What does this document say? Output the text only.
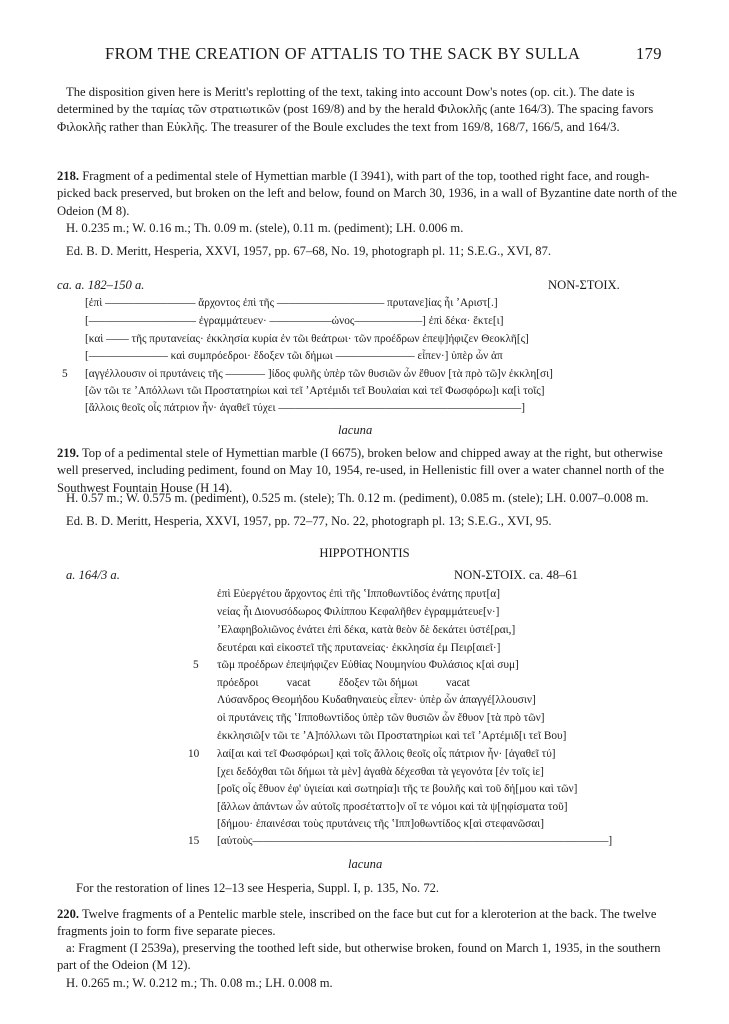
FROM THE CREATION OF ATTALIS TO THE SACK BY SULLA	179
The disposition given here is Meritt's replotting of the text, taking into account Dow's notes (op. cit.). The date is determined by the ταμίας τῶν στρατιωτικῶν (post 169/8) and by the herald Φιλοκλῆς (ante 164/3). The spacing favors Φιλοκλῆς rather than Εὐκλῆς. The treasurer of the Boule excludes the text from 169/8, 168/7, 166/5, and 164/3.
218. Fragment of a pedimental stele of Hymettian marble (I 3941), with part of the top, toothed right face, and rough-picked back preserved, but broken on the left and below, found on March 30, 1936, in a wall of Byzantine date north of the Odeion (M 8).
H. 0.235 m.; W. 0.16 m.; Th. 0.09 m. (stele), 0.11 m. (pediment); LH. 0.006 m.
Ed. B. D. Meritt, Hesperia, XXVI, 1957, pp. 67–68, No. 19, photograph pl. 11; S.E.G., XVI, 87.
ca. a. 182–150 a.	NON-ΣΤΟΙΧ.
[ἐπὶ –––––––––––––––– ἄρχοντος ἐπὶ τῆς ––––––––––––––––––– πρυτανε]ίας ἧι ʼΑριστ[.]
[––––––––––––––––––– ἐγραμμάτευεν· –––––––––––ώνος––––––––––––] ἐπὶ δέκα· ἕκτε[ι]
[καὶ –––– τῆς πρυτανείας· ἐκκλησία κυρία ἐν τῶι θεάτρωι· τῶν προέδρων ἐπεψ]ήφιζεν Θεοκλῆ[ς]
[–––––––––––––– καὶ συμπρόεδροι· ἔδοξεν τῶι δήμωι –––––––––––––– εἶπεν·] ὑπὲρ ὧν ἀπ
5 [αγγέλλουσιν οἱ πρυτάνεις τῆς ––––––– ]ίδος φυλῆς ὑπὲρ τῶν θυσιῶν ὧν ἔθυον [τὰ πρὸ τῶ]ν ἐκκλη[σι]
[ῶν τῶι τε ʼΑπόλλωνι τῶι Προστατηρίωι καὶ τεῖ ʼΑρτέμιδι τεῖ Βουλαίαι καὶ τεῖ Φωσφόρω]ι κα[ὶ τοῖς]
[ἄλλοις θεοῖς οἷς πάτριον ἦν· ἀγαθεῖ τύχει –––––––––––––––––––––––––––––––––––––––––––]
lacuna
219. Top of a pedimental stele of Hymettian marble (I 6675), broken below and chipped away at the right, but otherwise well preserved, including pediment, found on May 10, 1954, re-used, in Hellenistic fill over a water channel north of the Southwest Fountain House (H 14).
H. 0.57 m.; W. 0.575 m. (pediment), 0.525 m. (stele); Th. 0.12 m. (pediment), 0.085 m. (stele); LH. 0.007–0.008 m.
Ed. B. D. Meritt, Hesperia, XXVI, 1957, pp. 72–77, No. 22, photograph pl. 13; S.E.G., XVI, 95.
HIPPOTHONTIS
a. 164/3 a.	NON-ΣΤΟΙΧ. ca. 48–61
ἐπὶ Εὐεργέτου ἄρχοντος ἐπὶ τῆς ʽΙπποθωντίδος ἐνάτης πρυτ[α]
νείας ἧι Διονυσόδωρος Φιλίππου Κεφαλῆθεν ἐγραμμάτευε[ν·]
ʼΕλαφηβολιῶνος ἐνάτει ἐπὶ δέκα, κατὰ θεὸν δὲ δεκάτει ὑστέ[ραι,]
δευτέραι καὶ εἰκοστεῖ τῆς πρυτανείας· ἐκκλησία ἐμ Πειρ[αιεῖ·]
5 τῶμ προέδρων ἐπεψήφιζεν Εὐθίας Νουμηνίου Φυλάσιος κ[αὶ συμ]
πρόεδροι          vacat          ἔδοξεν τῶι δήμωι          vacat
Λύσανδρος Θεομήδου Κυδαθηναιεὺς εἶπεν· ὑπὲρ ὧν ἀπαγγέ[λλουσιν]
οἱ πρυτάνεις τῆς ʽΙπποθωντίδος ὑπὲρ τῶν θυσιῶν ὧν ἔθυον [τὰ πρὸ τῶν]
ἐκκλησιῶ[ν τῶι τε ʼΑ]πόλλωνι τῶι Προστατηρίωι καὶ τεῖ ʼΑρτέμιδ[ι τεῖ Βου]
10 λαί[αι καὶ τεῖ Φωσφόρωι] κ̣αὶ τοῖς ἄλλοις θεοῖς οἷς πάτριον ἦν· [ἀγαθεῖ τύ]
[χει δεδόχθαι τῶι δήμωι τὰ μὲν] ἀγαθὰ δέχεσθαι τὰ γεγονότα [ἐν τοῖς ἱε]
[ροῖς οἷς ἔθυον ἐφ' ὑγιείαι καὶ σωτηρία]ι τῆς τε βουλῆς καὶ τοῦ δή[μου καὶ τῶν]
[ἄλλων ἁπάντων ὧν αὐτοῖς προσέταττο]ν οἵ τε νόμοι καὶ τὰ ψ[ηφίσματα τοῦ]
[δήμου· ἐπαινέσαι τοὺς πρυτάνεις τῆς ʽΙππ]οθωντίδος κ[αὶ στεφανῶσαι]
15 [αὐτοὺς–––––––––––––––––––––––––––––––––––––––––––––––––––––––––––––––]
lacuna
For the restoration of lines 12–13 see Hesperia, Suppl. I, p. 135, No. 72.
220. Twelve fragments of a Pentelic marble stele, inscribed on the face but cut for a kleroterion at the back. The twelve fragments join to form five separate pieces.
a: Fragment (I 2539a), preserving the toothed left side, but otherwise broken, found on March 1, 1935, in the southern part of the Odeion (M 12).
H. 0.265 m.; W. 0.212 m.; Th. 0.08 m.; LH. 0.008 m.
